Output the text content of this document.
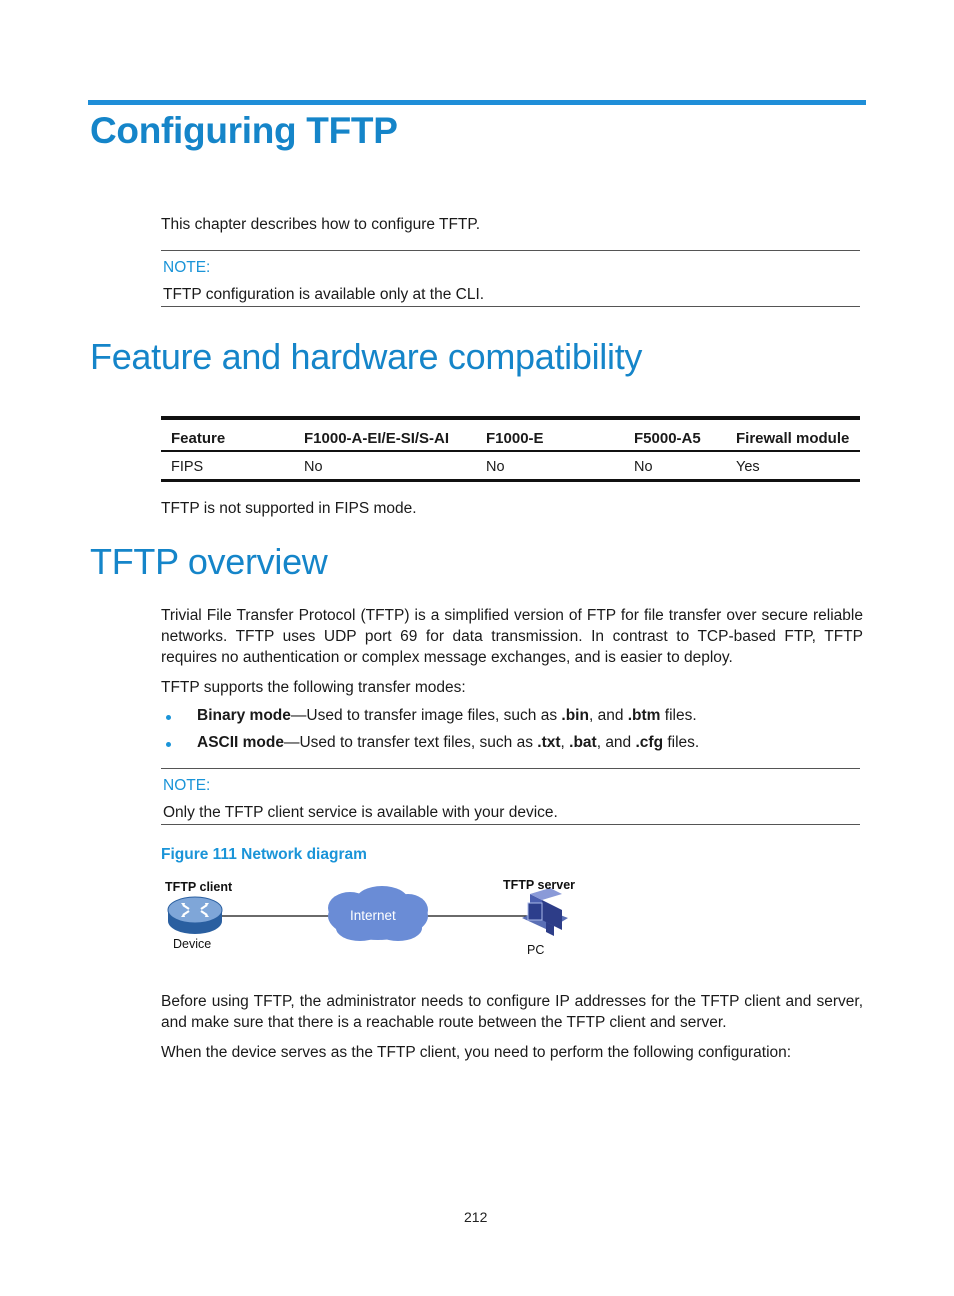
Configuring TFTP
This chapter describes how to configure TFTP.
NOTE:
TFTP configuration is available only at the CLI.
Feature and hardware compatibility
Feature	F1000-A-EI/E-SI/S-AI	F1000-E	F5000-A5	Firewall module
FIPS	No	No	No	Yes
TFTP is not supported in FIPS mode.
TFTP overview
Trivial File Transfer Protocol (TFTP) is a simplified version of FTP for file transfer over secure reliable networks. TFTP uses UDP port 69 for data transmission. In contrast to TCP-based FTP, TFTP requires no authentication or complex message exchanges, and is easier to deploy.
TFTP supports the following transfer modes:
Binary mode—Used to transfer image files, such as .bin, and .btm files.
ASCII mode—Used to transfer text files, such as .txt, .bat, and .cfg files.
NOTE:
Only the TFTP client service is available with your device.
Figure 111 Network diagram
TFTP client
Device
Internet
TFTP server
PC
Before using TFTP, the administrator needs to configure IP addresses for the TFTP client and server, and make sure that there is a reachable route between the TFTP client and server.
When the device serves as the TFTP client, you need to perform the following configuration:
212
